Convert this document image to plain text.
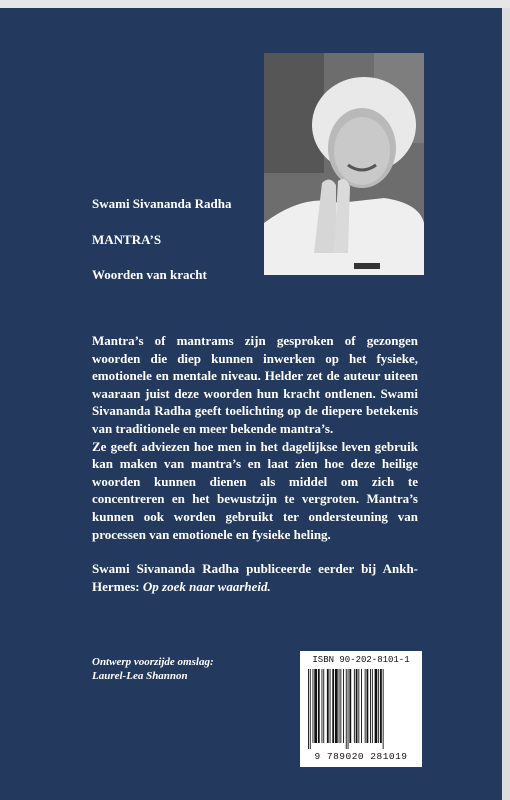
Swami Sivananda Radha
MANTRA’S
Woorden van kracht

Mantra’s of mantrams zijn gesproken of gezongen woorden die diep kunnen inwerken op het fysieke, emotionele en mentale niveau. Helder zet de auteur uiteen waaraan juist deze woorden hun kracht ontlenen. Swami Sivananda Radha geeft toelichting op de diepere betekenis van traditionele en meer bekende mantra’s.

Ze geeft adviezen hoe men in het dagelijkse leven gebruik kan maken van mantra’s en laat zien hoe deze heilige woorden kunnen dienen als middel om zich te concentreren en het bewustzijn te vergroten. Mantra’s kunnen ook worden gebruikt ter ondersteuning van processen van emotionele en fysieke heling.

Swami Sivananda Radha publiceerde eerder bij Ankh-Hermes: Op zoek naar waarheid.

Ontwerp voorzijde omslag:
Laurel-Lea Shannon
ISBN 90-202-8101-1
9 789020 281019
